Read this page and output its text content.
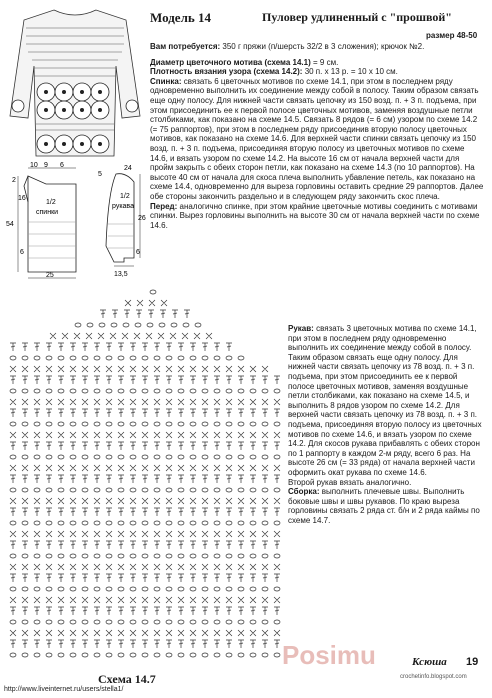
10 9 6
2
16
54
6
25
1/2
спинки
24
5
26
6
13,5
1/2
рукава
Модель 14	Пуловер удлиненный с "прошвой"
размер 48-50

Вам потребуется: 350 г пряжи (п/шерсть 32/2 в 3 сложения); крючок №2.

Диаметр цветочного мотива (схема 14.1) = 9 см.

Плотность вязания узора (схема 14.2): 30 п. х 13 р. = 10 х 10 см.

Спинка: связать 6 цветочных мотивов по схеме 14.1, при этом в последнем ряду одновременно выполнить их соединение между собой в полосу. Таким образом связать еще одну полосу. Для нижней части связать цепочку из 150 возд. п. + 3 п. подъема, при этом присоединить ее к первой полосе цветочных мотивов, заменяя воздушные петли столбиками, как показано на схеме 14.5. Связать 8 рядов (= 6 см) узором по схеме 14.2 (= 75 раппортов), при этом в последнем ряду присоединив вторую полосу цветочных мотивов, как показано на схеме 14.6. Для верхней части спинки связать цепочку из 150 возд. п. + 3 п. подъема, присоединяя вторую полосу из цветочных мотивов по схеме 14.6, и вязать узором по схеме 14.2. На высоте 16 см от начала верхней части для пройм закрыть с обеих сторон петли, как показано на схеме 14.3 (по 10 раппортов). На высоте 40 см от начала для скоса плеча выполнить убавление петель, как показано на схеме 14.4, одновременно для выреза горловины оставить средние 29 раппортов. Далее обе стороны закончить раздельно и в следующем ряду закончить скос плеча.

Перед: аналогично спинке, при этом крайние цветочные мотивы соединить с мотивами спинки. Вырез горловины выполнить на высоте 30 см от начала верхней части по схеме 14.6.

Рукав: связать 3 цветочных мотива по схеме 14.1, при этом в последнем ряду одновременно выполнить их соединение между собой в полосу. Таким образом связать еще одну полосу. Для нижней части связать цепочку из 78 возд. п. + 3 п. подъема, при этом присоединить ее к первой полосе цветочных мотивов, заменяя воздушные петли столбиками, как показано на схеме 14.5, и выполнить 8 рядов узором по схеме 14.2. Для верхней части связать цепочку из 78 возд. п. + 3 п. подъема, присоединяя вторую полосу из цветочных мотивов по схеме 14.6, и вязать узором по схеме 14.2. Для скосов рукава прибавлять с обеих сторон по 1 раппорту в каждом 2-м ряду, всего 6 раз. На высоте 26 см (= 33 ряда) от начала верхней части оформить окат рукава по схеме 14.6.

Второй рукав вязать аналогично.

Сборка: выполнить плечевые швы. Выполнить боковые швы и швы рукавов. По краю выреза горловины связать 2 ряда ст. б/н и 2 ряда каймы по схеме 14.7.

Схема 14.7
Posimu	Ксюша 19
crochetinfo.blogspot.com
http://www.liveinternet.ru/users/stella1/
